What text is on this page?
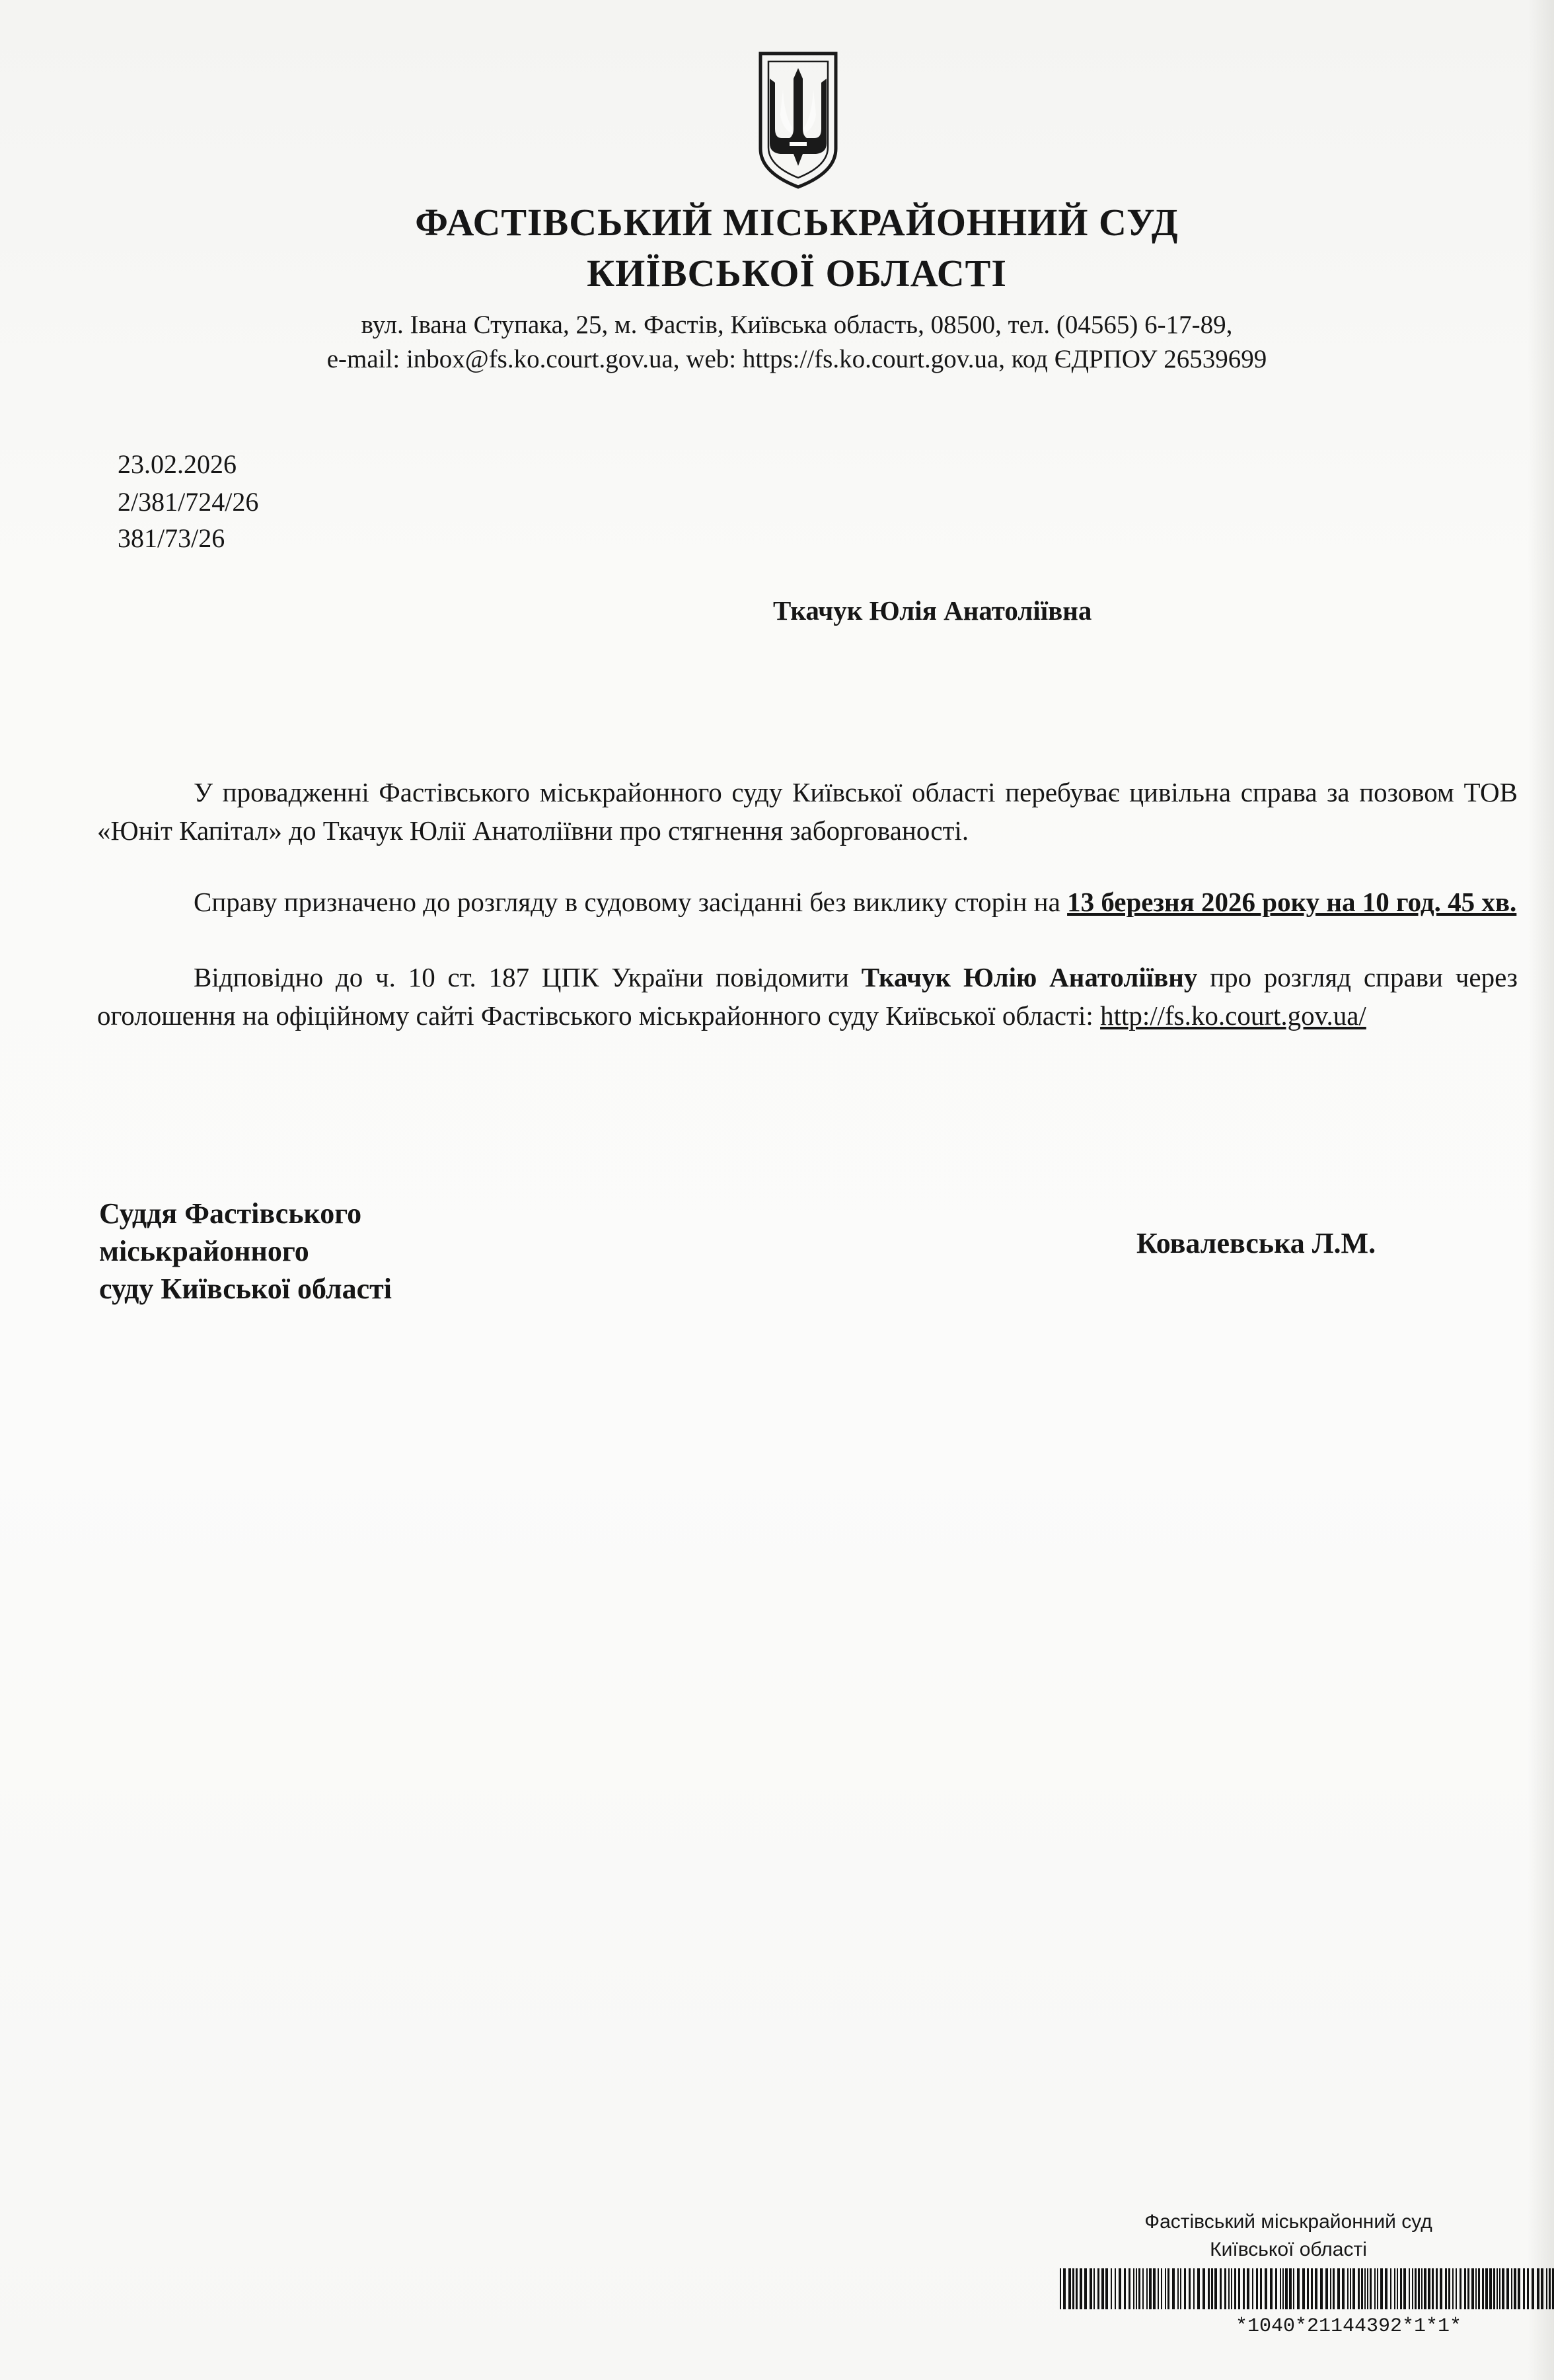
ФАСТІВСЬКИЙ МІСЬКРАЙОННИЙ СУД
КИЇВСЬКОЇ ОБЛАСТІ
вул. Івана Ступака, 25, м. Фастів, Київська область, 08500, тел. (04565) 6-17-89,
e-mail: inbox@fs.ko.court.gov.ua, web: https://fs.ko.court.gov.ua, код ЄДРПОУ 26539699
23.02.2026
2/381/724/26
381/73/26
Ткачук Юлія Анатоліївна
У провадженні Фастівського міськрайонного суду Київської області перебуває цивільна справа за позовом ТОВ «Юніт Капітал» до Ткачук Юлії Анатоліївни про стягнення заборгованості.
Справу призначено до розгляду в судовому засіданні без виклику сторін на 13 березня 2026 року на 10 год. 45 хв.
Відповідно до ч. 10 ст. 187 ЦПК України повідомити Ткачук Юлію Анатоліївну про розгляд справи через оголошення на офіційному сайті Фастівського міськрайонного суду Київської області: http://fs.ko.court.gov.ua/
Суддя Фастівського
міськрайонного
суду Київської області
Ковалевська Л.М.
Фастівський міськрайонний суд
Київської області
*1040*21144392*1*1*
